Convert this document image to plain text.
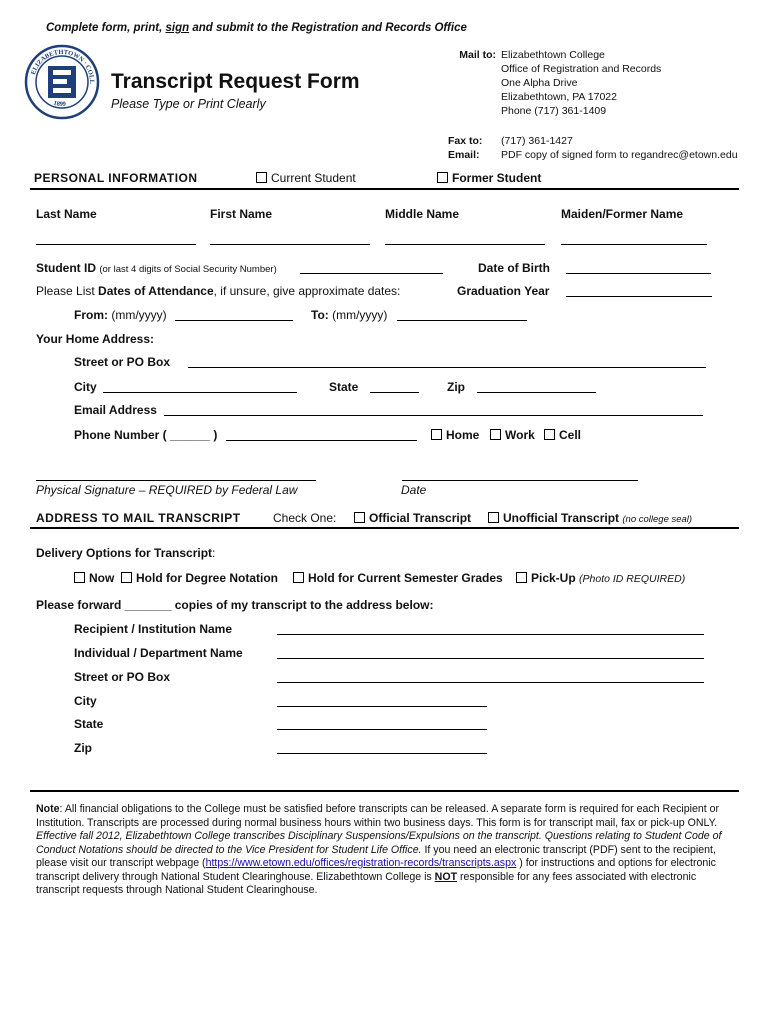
Complete form, print, sign and submit to the Registration and Records Office
ELIZABETHTOWN · COLL
1899
Transcript Request Form
Please Type or Print Clearly
Mail to: Elizabethtown College
Office of Registration and Records
One Alpha Drive
Elizabethtown, PA 17022
Phone (717) 361-1409
Fax to:	(717) 361-1427
Email:	PDF copy of signed form to regandrec@etown.edu
PERSONAL INFORMATION	Current Student	Former Student
Last Name	First Name	Middle Name	Maiden/Former Name
Student ID (or last 4 digits of Social Security Number)	Date of Birth
Please List Dates of Attendance, if unsure, give approximate dates:	Graduation Year
From: (mm/yyyy)	To: (mm/yyyy)
Your Home Address:
Street or PO Box
City	State	Zip
Email Address
Phone Number ( ______ )	Home	Work	Cell
Physical Signature – REQUIRED by Federal Law	Date
ADDRESS TO MAIL TRANSCRIPT	Check One:	Official Transcript	Unofficial Transcript (no college seal)
Delivery Options for Transcript:
Now	Hold for Degree Notation	Hold for Current Semester Grades	Pick-Up (Photo ID REQUIRED)
Please forward _______ copies of my transcript to the address below:
Recipient / Institution Name
Individual / Department Name
Street or PO Box
City
State
Zip
Note: All financial obligations to the College must be satisfied before transcripts can be released. A separate form is required for each Recipient or Institution. Transcripts are processed during normal business hours within two business days. This form is for transcript mail, fax or pick-up ONLY. Effective fall 2012, Elizabethtown College transcribes Disciplinary Suspensions/Expulsions on the transcript. Questions relating to Student Code of Conduct Notations should be directed to the Vice President for Student Life Office. If you need an electronic transcript (PDF) sent to the recipient, please visit our transcript webpage (https://www.etown.edu/offices/registration-records/transcripts.aspx ) for instructions and options for electronic transcript delivery through National Student Clearinghouse. Elizabethtown College is NOT responsible for any fees associated with electronic transcript requests through National Student Clearinghouse.
